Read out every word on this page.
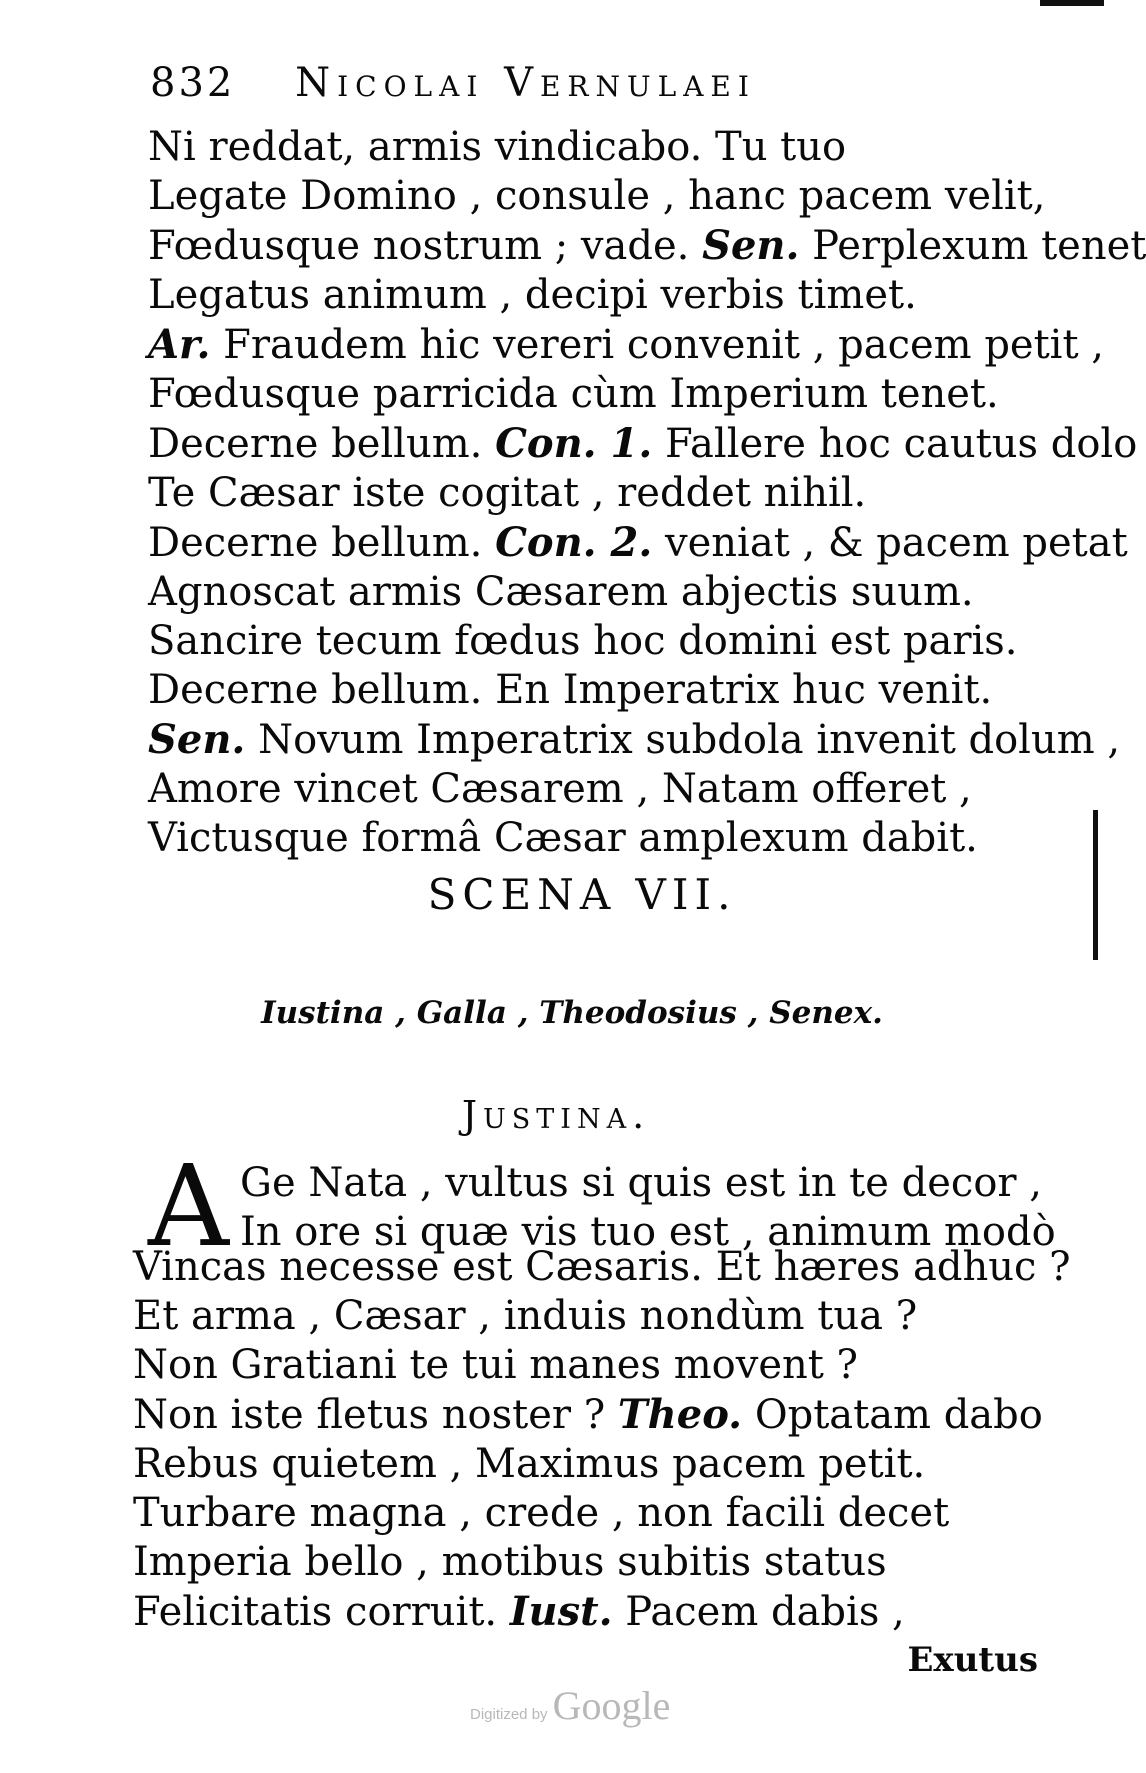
832 Nicolai Vernulaei
Ni reddat, armis vindicabo. Tu tuo
Legate Domino , consule , hanc pacem velit,
Fœdusque nostrum ; vade. Sen. Perplexum tenet
Legatus animum , decipi verbis timet.
Ar. Fraudem hic vereri convenit , pacem petit ,
Fœdusque parricida cùm Imperium tenet.
Decerne bellum. Con. 1. Fallere hoc cautus dolo
Te Cæsar iste cogitat , reddet nihil.
Decerne bellum. Con. 2. veniat , & pacem petat
Agnoscat armis Cæsarem abjectis suum.
Sancire tecum fœdus hoc domini est paris.
Decerne bellum. En Imperatrix huc venit.
Sen. Novum Imperatrix subdola invenit dolum ,
Amore vincet Cæsarem , Natam offeret ,
Victusque formâ Cæsar amplexum dabit.
SCENA VII.
Iustina , Galla , Theodosius , Senex.
Justina.
A Ge Nata , vultus si quis est in te decor ,
In ore si quæ vis tuo est , animum modò
Vincas necesse est Cæsaris. Et hæres adhuc ?
Et arma , Cæsar , induis nondùm tua ?
Non Gratiani te tui manes movent ?
Non iste fletus noster ? Theo. Optatam dabo
Rebus quietem , Maximus pacem petit.
Turbare magna , crede , non facili decet
Imperia bello , motibus subitis status
Felicitatis corruit. Iust. Pacem dabis ,
Exutus
Digitized by Google
